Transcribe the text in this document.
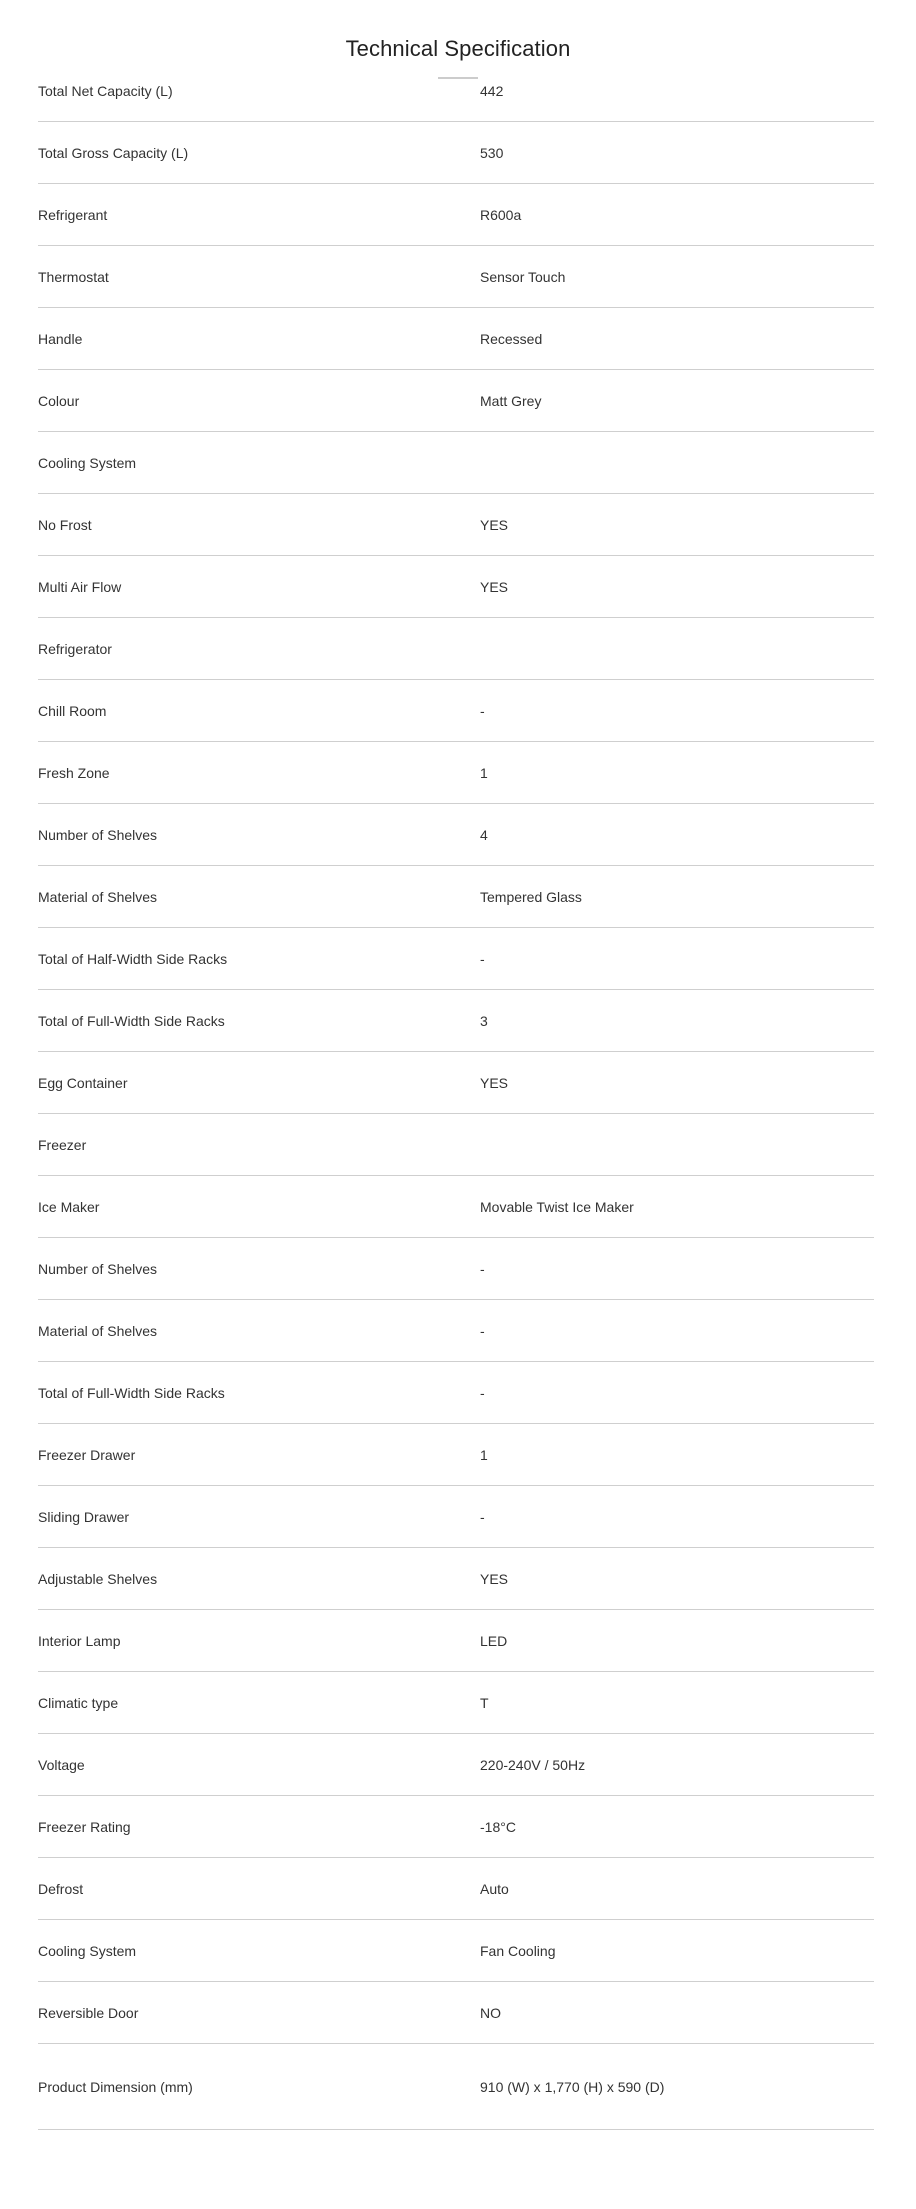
Technical Specification
Total Net Capacity (L)	442
Total Gross Capacity (L)	530
Refrigerant	R600a
Thermostat	Sensor Touch
Handle	Recessed
Colour	Matt Grey
Cooling System
No Frost	YES
Multi Air Flow	YES
Refrigerator
Chill Room	-
Fresh Zone	1
Number of Shelves	4
Material of Shelves	Tempered Glass
Total of Half-Width Side Racks	-
Total of Full-Width Side Racks	3
Egg Container	YES
Freezer
Ice Maker	Movable Twist Ice Maker
Number of Shelves	-
Material of Shelves	-
Total of Full-Width Side Racks	-
Freezer Drawer	1
Sliding Drawer	-
Adjustable Shelves	YES
Interior Lamp	LED
Climatic type	T
Voltage	220-240V / 50Hz
Freezer Rating	-18°C
Defrost	Auto
Cooling System	Fan Cooling
Reversible Door	NO
Product Dimension (mm)	910 (W) x 1,770 (H) x 590 (D)
